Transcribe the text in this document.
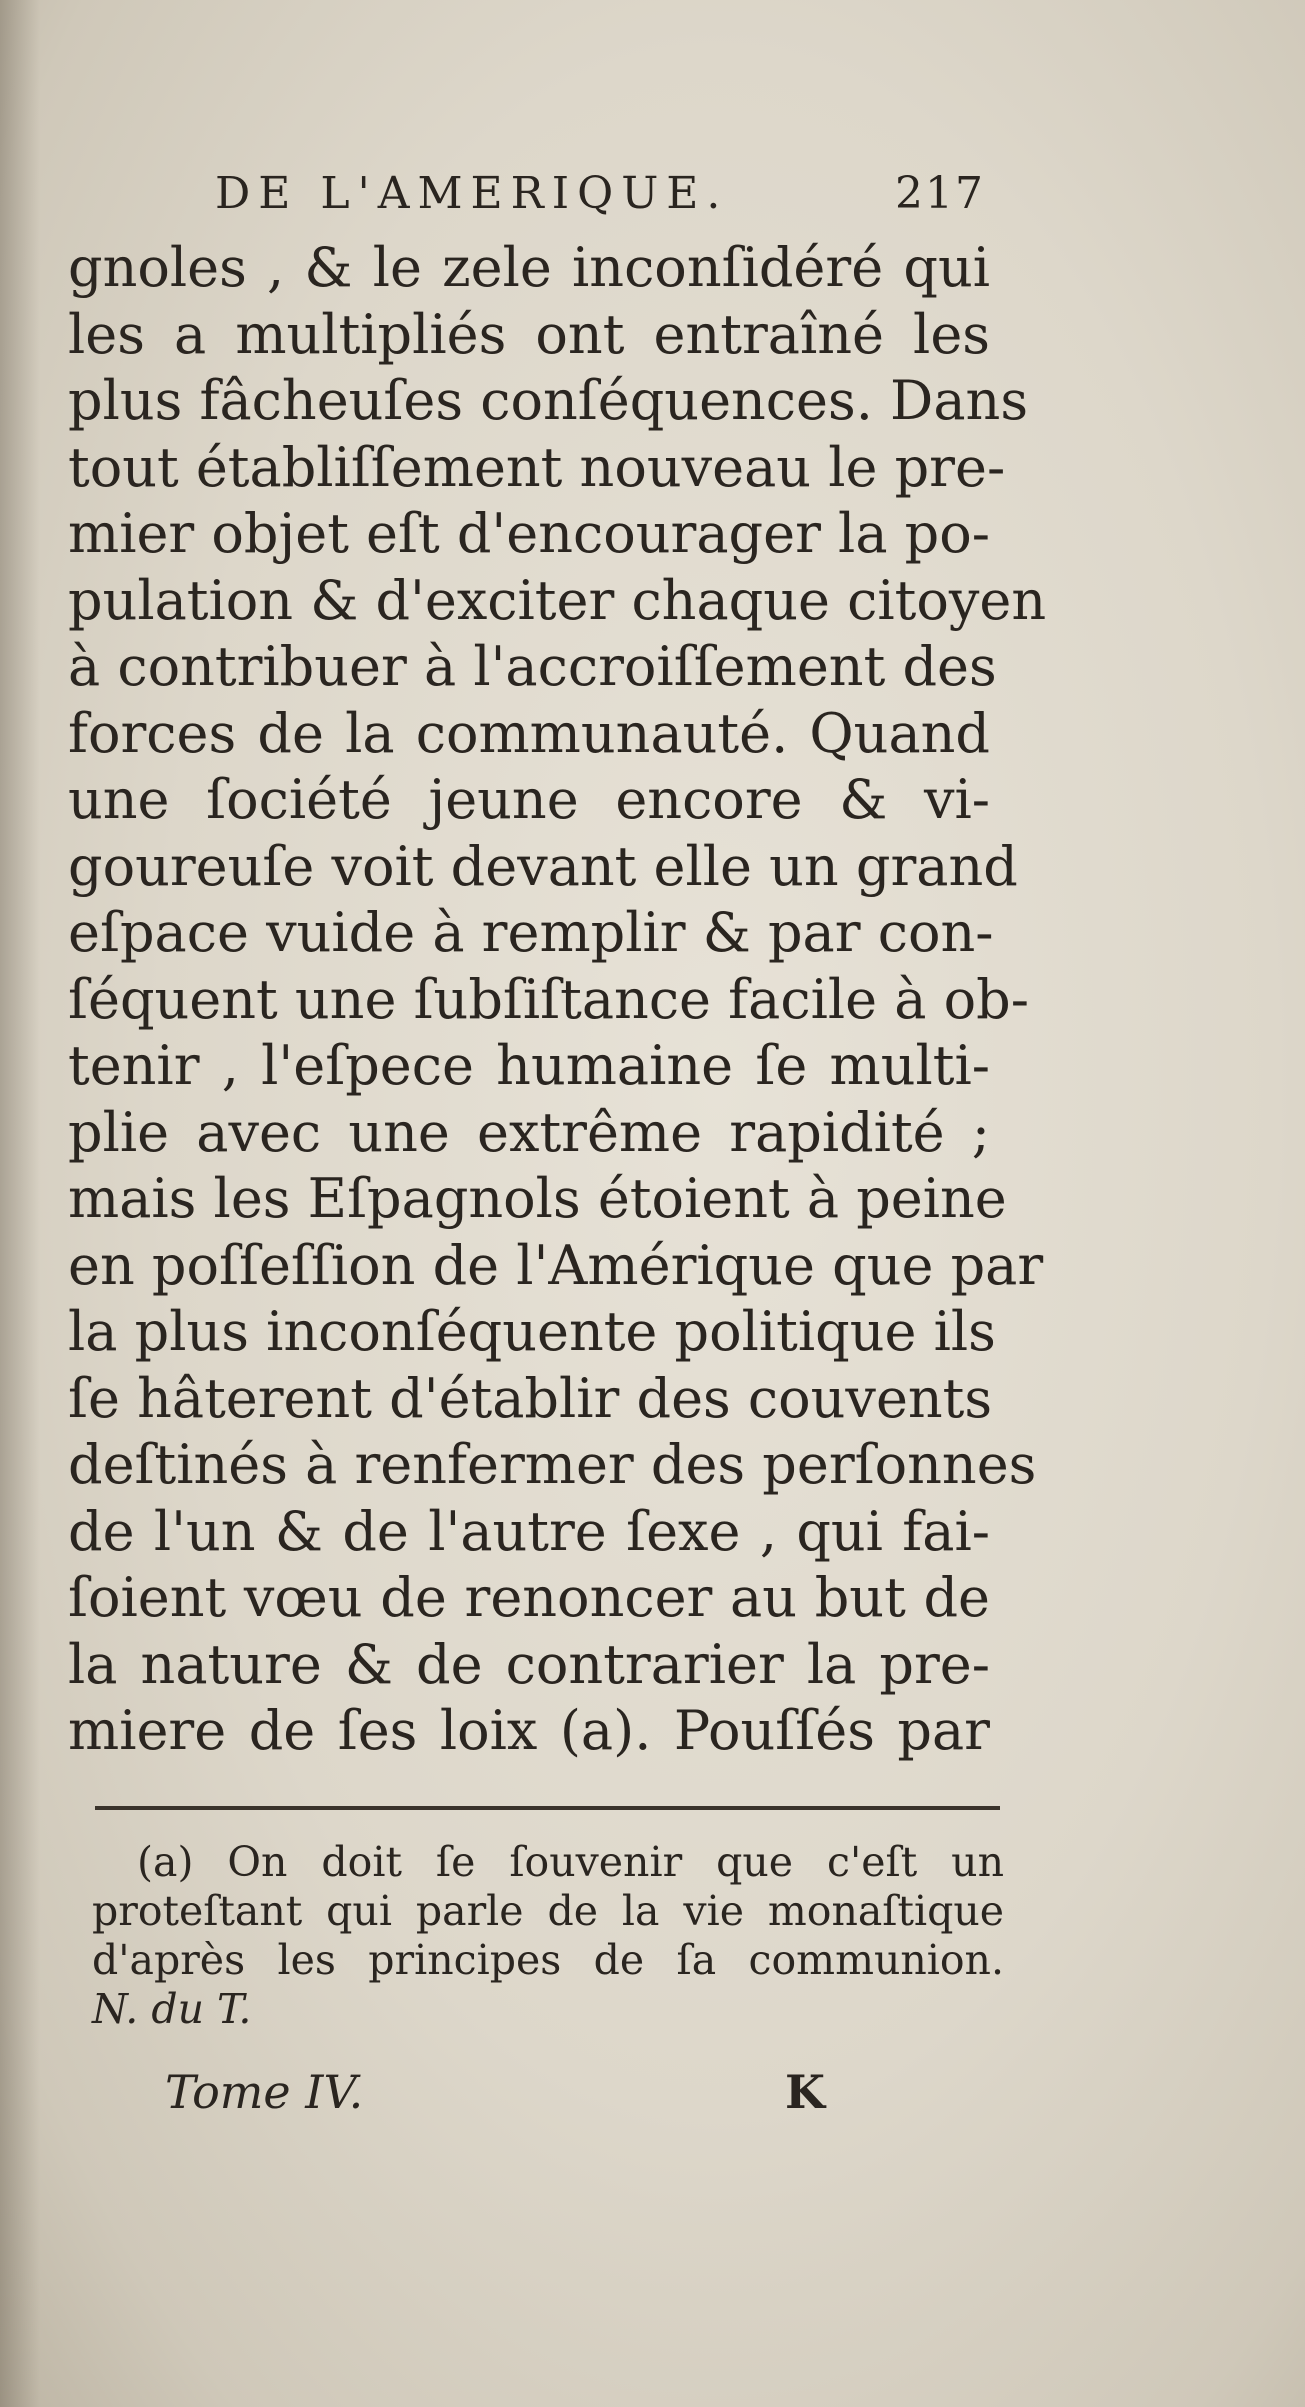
DE L'AMERIQUE.	217
gnoles , & le zele inconſidéré qui
les a multipliés ont entraîné les
plus fâcheuſes conſéquences. Dans
tout établiſſement nouveau le pre-
mier objet eſt d'encourager la po-
pulation & d'exciter chaque citoyen
à contribuer à l'accroiſſement des
forces de la communauté. Quand
une ſociété jeune encore & vi-
goureuſe voit devant elle un grand
eſpace vuide à remplir & par con-
ſéquent une ſubſiſtance facile à ob-
tenir , l'eſpece humaine ſe multi-
plie avec une extrême rapidité ;
mais les Eſpagnols étoient à peine
en poſſeſſion de l'Amérique que par
la plus inconſéquente politique ils
ſe hâterent d'établir des couvents
deſtinés à renfermer des perſonnes
de l'un & de l'autre ſexe , qui fai-
ſoient vœu de renoncer au but de
la nature & de contrarier la pre-
miere de ſes loix (a). Pouſſés par
(a) On doit ſe ſouvenir que c'eſt un
proteſtant qui parle de la vie monaſtique
d'après les principes de ſa communion.
N. du T.
Tome IV.	K
